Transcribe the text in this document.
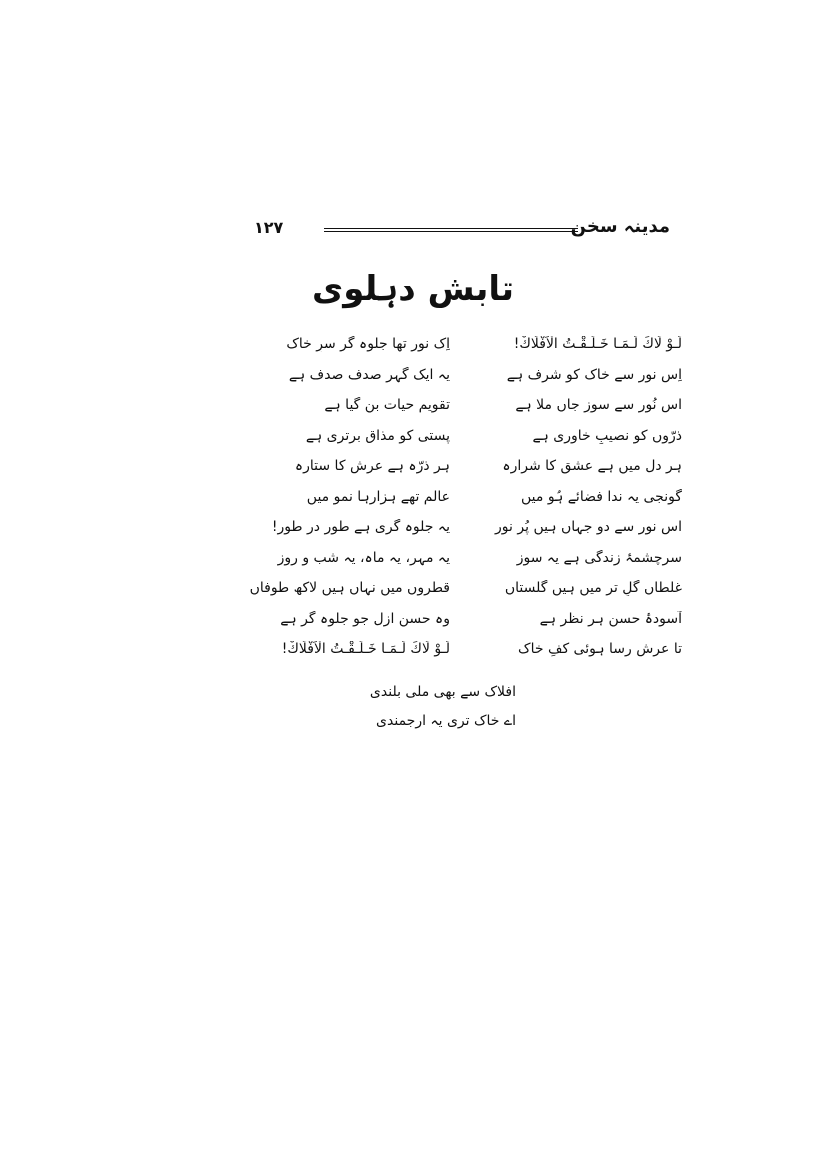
۱۲۷	مدینہ سخن
تابش دہلوی
لَـوْ لَاكَ لَـمَـا خَـلَـقْـتُ الْاَفْلَاكْ!
اِک نور تھا جلوہ گر سرِ خاک
اِس نور سے خاک کو شرف ہے
یہ ایک گہر صدف صدف ہے
اس نُور سے سوزِ جاں ملا ہے
تقویمِ حیات بن گیا ہے
ذرّوں کو نصیبِ خاوری ہے
پستی کو مذاقِ برتری ہے
ہر دل میں ہے عشق کا شرارہ
ہر ذرّہ ہے عرش کا ستارہ
گونجی یہ ندا فضائے ہُو میں
عالم تھے ہزارہا نمو میں
اس نور سے دو جہاں ہیں پُر نور
یہ جلوہ گری ہے طور در طور!
سرچشمۂ زندگی ہے یہ سوز
یہ مہر، یہ ماہ، یہ شب و روز
غلطاں گلِ تر میں ہیں گلستاں
قطروں میں نہاں ہیں لاکھ طوفاں
آسودۂ حسن ہر نظر ہے
وہ حسنِ ازل جو جلوہ گر ہے
تا عرش رسا ہوئی کفِ خاک
لَـوْ لَاكَ لَـمَـا خَـلَـقْـتُ الْاَفْلَاكْ!
افلاک سے بھی ملی بلندی
اے خاک تری یہ ارجمندی
